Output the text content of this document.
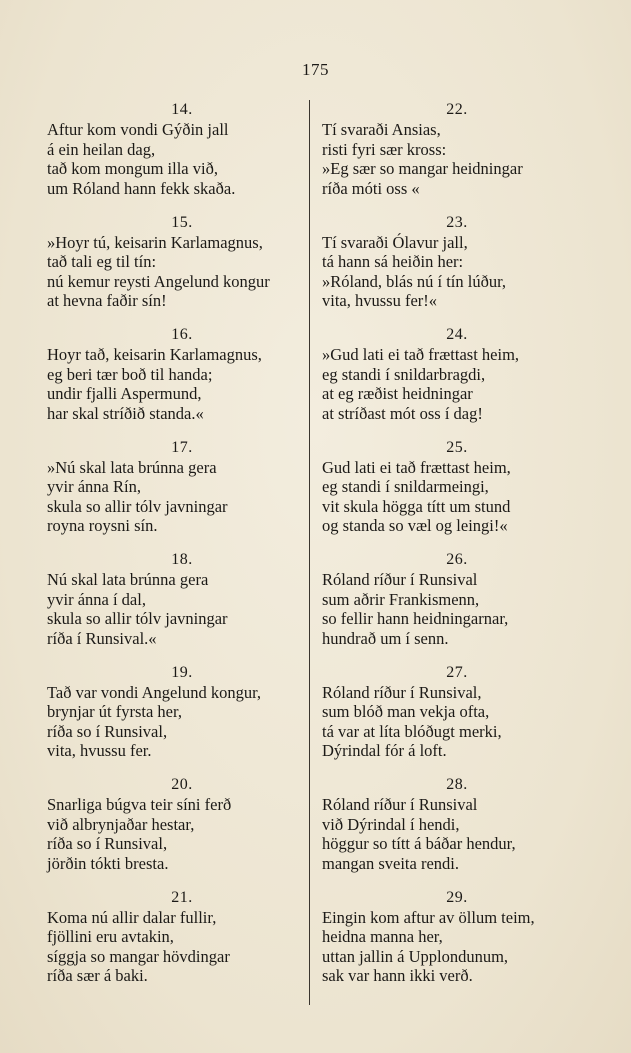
175
14.
Aftur kom vondi Gýðin jall
á ein heilan dag,
tað kom mongum illa við,
um Róland hann fekk skaða.
15.
»Hoyr tú, keisarin Karlamagnus,
tað tali eg til tín:
nú kemur reysti Angelund kongur
at hevna faðir sín!
16.
Hoyr tað, keisarin Karlamagnus,
eg beri tær boð til handa;
undir fjalli Aspermund,
har skal stríðið standa.«
17.
»Nú skal lata brúnna gera
yvir ánna Rín,
skula so allir tólv javningar
royna roysni sín.
18.
Nú skal lata brúnna gera
yvir ánna í dal,
skula so allir tólv javningar
ríða í Runsival.«
19.
Tað var vondi Angelund kongur,
brynjar út fyrsta her,
ríða so í Runsival,
vita, hvussu fer.
20.
Snarliga búgva teir síni ferð
við albrynjaðar hestar,
ríða so í Runsival,
jörðin tókti bresta.
21.
Koma nú allir dalar fullir,
fjöllini eru avtakin,
síggja so mangar hövdingar
ríða sær á baki.
22.
Tí svaraði Ansias,
risti fyri sær kross:
»Eg sær so mangar heidningar
ríða móti oss «
23.
Tí svaraði Ólavur jall,
tá hann sá heiðin her:
»Róland, blás nú í tín lúður,
vita, hvussu fer!«
24.
»Gud lati ei tað frættast heim,
eg standi í snildarbragdi,
at eg ræðist heidningar
at stríðast mót oss í dag!
25.
Gud lati ei tað frættast heim,
eg standi í snildarmeingi,
vit skula högga títt um stund
og standa so væl og leingi!«
26.
Róland ríður í Runsival
sum aðrir Frankismenn,
so fellir hann heidningarnar,
hundrað um í senn.
27.
Róland ríður í Runsival,
sum blóð man vekja ofta,
tá var at líta blóðugt merki,
Dýrindal fór á loft.
28.
Róland ríður í Runsival
við Dýrindal í hendi,
höggur so títt á báðar hendur,
mangan sveita rendi.
29.
Eingin kom aftur av öllum teim,
heidna manna her,
uttan jallin á Upplondunum,
sak var hann ikki verð.
